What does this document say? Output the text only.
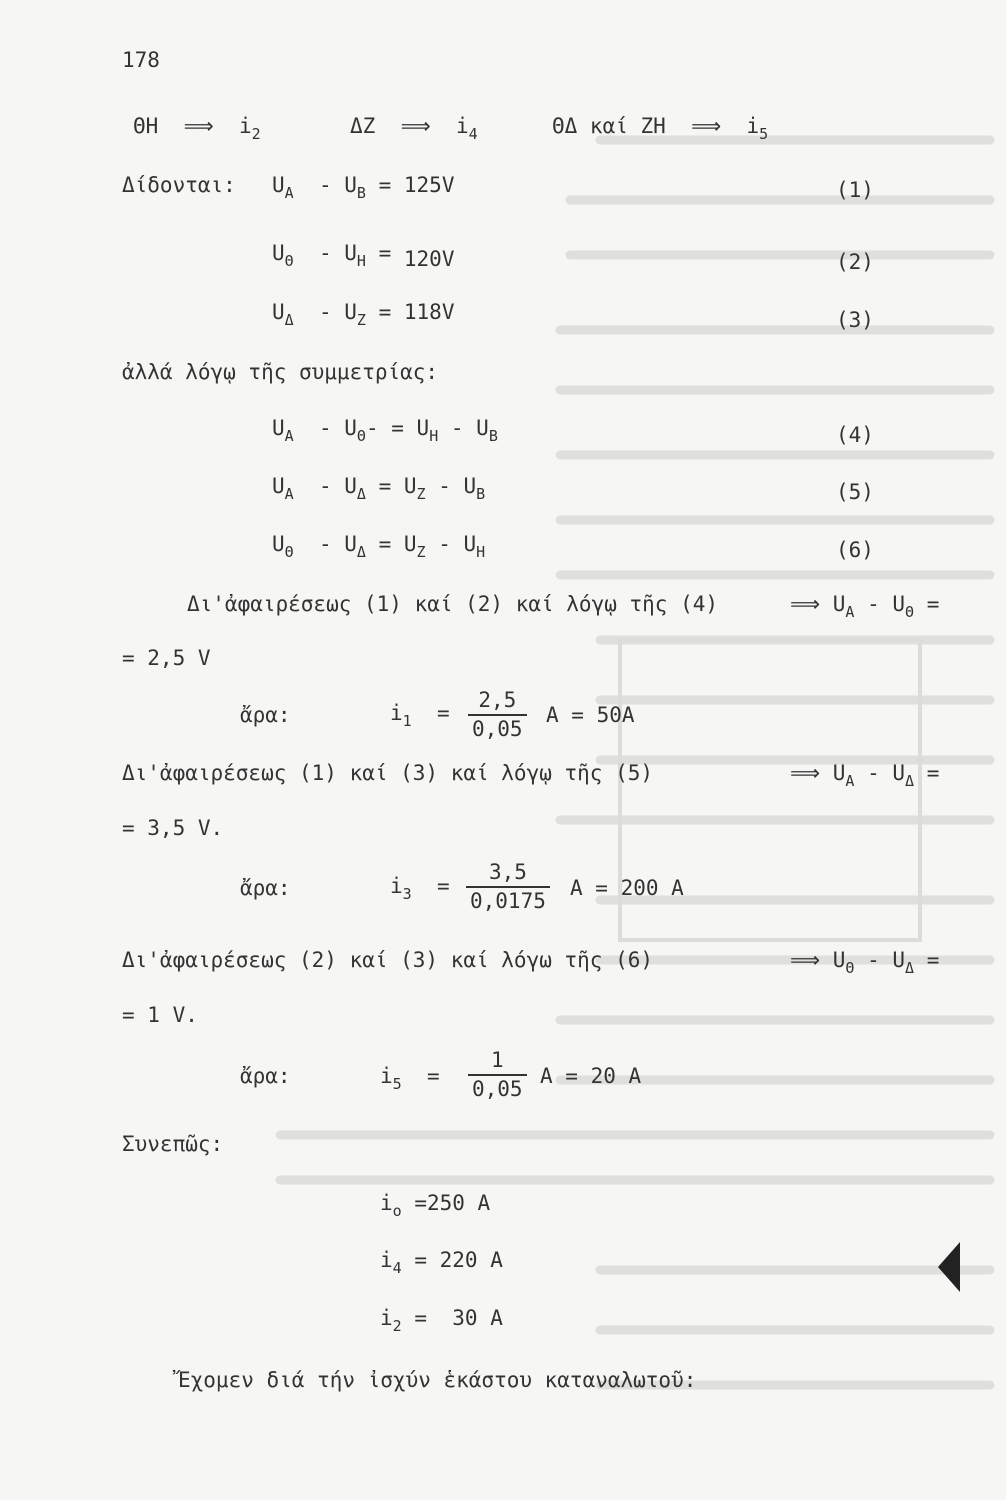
178
ΘΗ  ⟹  $i_2$	ΔΖ  ⟹  $i_4$	ΘΔ καί ΖΗ  ⟹  $i_5$
Δίδονται: $U_A - U_B = 125V$	(1)
$U_\Theta - U_H = 120V$	(2)
$U_\Delta - U_Z = 118V$	(3)
ἀλλά λόγῳ τῆς συμμετρίας:
$U_A - U_\Theta- = U_H - U_B$	(4)
$U_A - U_\Delta = U_Z - U_B$	(5)
$U_\Theta - U_\Delta = U_Z - U_H$	(6)
Δι'ἀφαιρέσεως (1) καί (2) καί λόγῳ τῆς (4)	⟹ $U_A - U_\Theta$ =
= 2,5 V
ἄρα:	$i_1 = \frac{2,5}{0,05}$ A = 50A
Δι'ἀφαιρέσεως (1) καί (3) καί λόγῳ τῆς (5)	⟹ $U_A - U_\Delta$ =
= 3,5 V.
ἄρα:	$i_3 = \frac{3,5}{0,0175}$ A = 200 A
Δι'ἀφαιρέσεως (2) καί (3) καί λόγω τῆς (6)	⟹ $U_\Theta - U_\Delta$ =
= 1 V.
ἄρα:	$i_5 = \frac{1}{0,05}$ A = 20 A
Συνεπῶς:
$i_o =250$ A
$i_4 = 220$ A
$i_2 = 30$ A
Ἔχομεν διά τήν ἰσχύν ἑκάστου καταναλωτοῦ:
